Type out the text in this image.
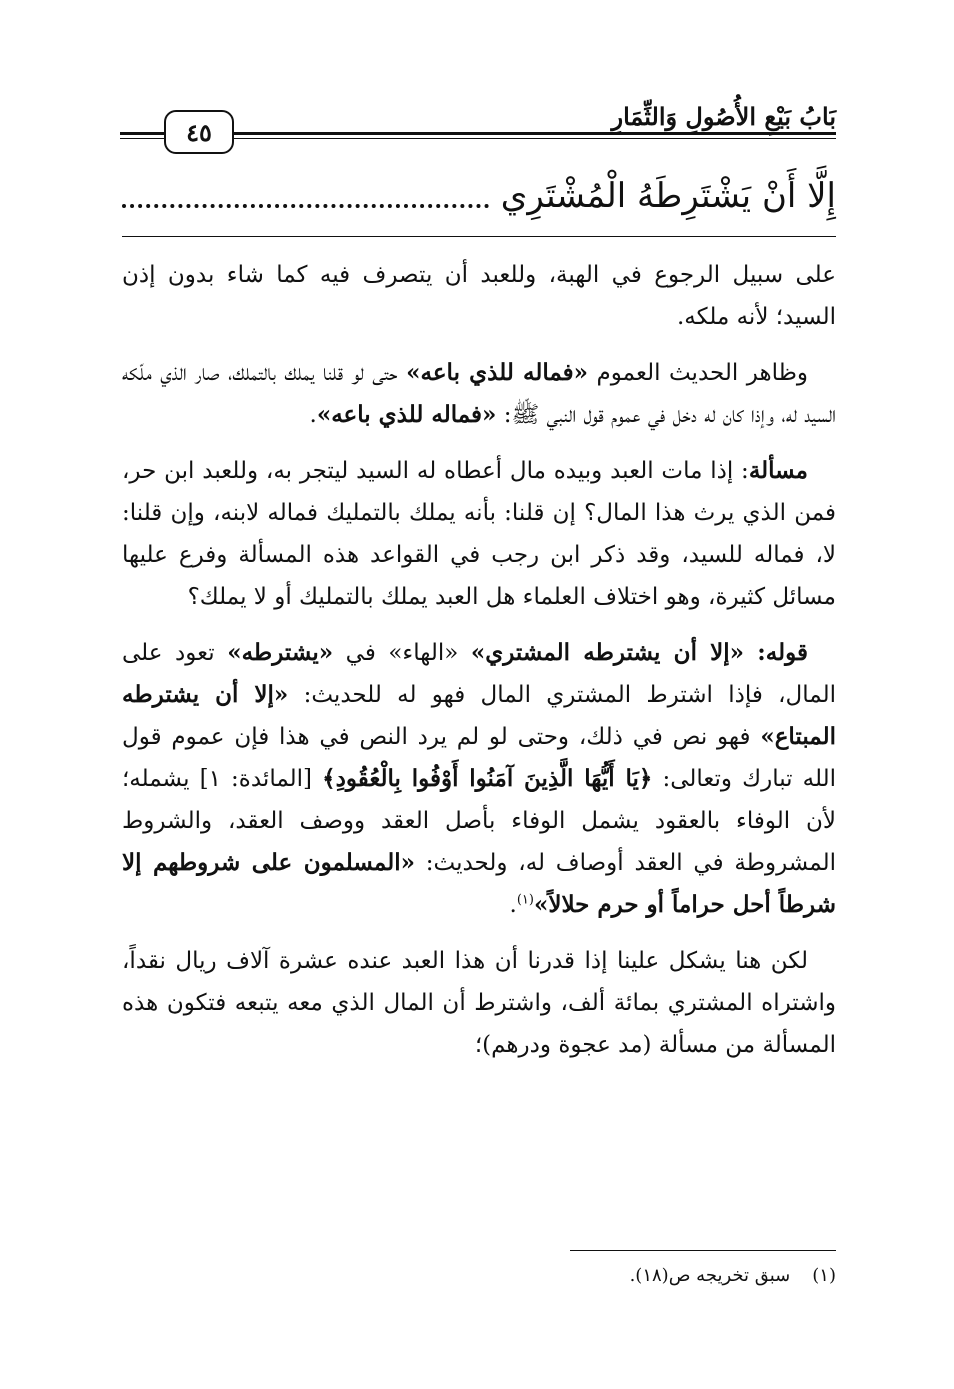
بَابُ بَيْعِ الأُصُولِ وَالثِّمَارِ
٤٥
إِلَّا أَنْ يَشْتَرِطَهُ الْمُشْتَرِي

على سبيل الرجوع في الهبة، وللعبد أن يتصرف فيه كما شاء بدون إذن السيد؛ لأنه ملكه.

وظاهر الحديث العموم «فماله للذي باعه» حتى لو قلنا يملك بالتملك، صار الذي ملّكه السيد له، وإذا كان له دخل في عموم قول النبي ﷺ: «فماله للذي باعه».

مسألة: إذا مات العبد وبيده مال أعطاه له السيد ليتجر به، وللعبد ابن حر، فمن الذي يرث هذا المال؟ إن قلنا: بأنه يملك بالتمليك فماله لابنه، وإن قلنا: لا، فماله للسيد، وقد ذكر ابن رجب في القواعد هذه المسألة وفرع عليها مسائل كثيرة، وهو اختلاف العلماء هل العبد يملك بالتمليك أو لا يملك؟

قوله: «إلا أن يشترطه المشتري» «الهاء» في «يشترطه» تعود على المال، فإذا اشترط المشتري المال فهو له للحديث: «إلا أن يشترطه المبتاع» فهو نص في ذلك، وحتى لو لم يرد النص في هذا فإن عموم قول الله تبارك وتعالى: ﴿يَا أَيُّهَا الَّذِينَ آمَنُوا أَوْفُوا بِالْعُقُودِ﴾ [المائدة: ١] يشمله؛ لأن الوفاء بالعقود يشمل الوفاء بأصل العقد ووصف العقد، والشروط المشروطة في العقد أوصاف له، ولحديث: «المسلمون على شروطهم إلا شرطاً أحل حراماً أو حرم حلالاً»$^{(١)}$.

لكن هنا يشكل علينا إذا قدرنا أن هذا العبد عنده عشرة آلاف ريال نقداً، واشتراه المشتري بمائة ألف، واشترط أن المال الذي معه يتبعه فتكون هذه المسألة من مسألة (مد عجوة ودرهم)؛

(١)سبق تخريجه ص(١٨).
